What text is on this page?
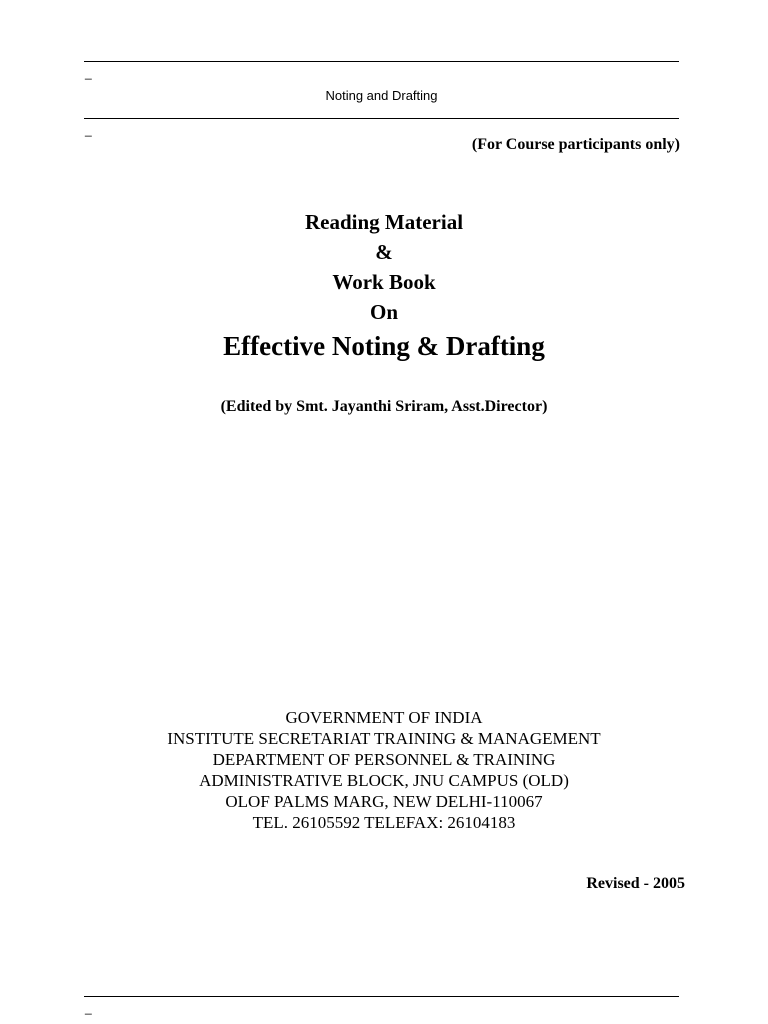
_
Noting and Drafting
_
(For Course participants only)
Reading Material
&
Work Book
On
Effective Noting & Drafting
(Edited by Smt. Jayanthi Sriram, Asst.Director)
GOVERNMENT OF INDIA
INSTITUTE SECRETARIAT TRAINING & MANAGEMENT
DEPARTMENT OF PERSONNEL & TRAINING
ADMINISTRATIVE BLOCK, JNU CAMPUS (OLD)
OLOF PALMS MARG, NEW DELHI-110067
TEL. 26105592 TELEFAX: 26104183
Revised - 2005
_
